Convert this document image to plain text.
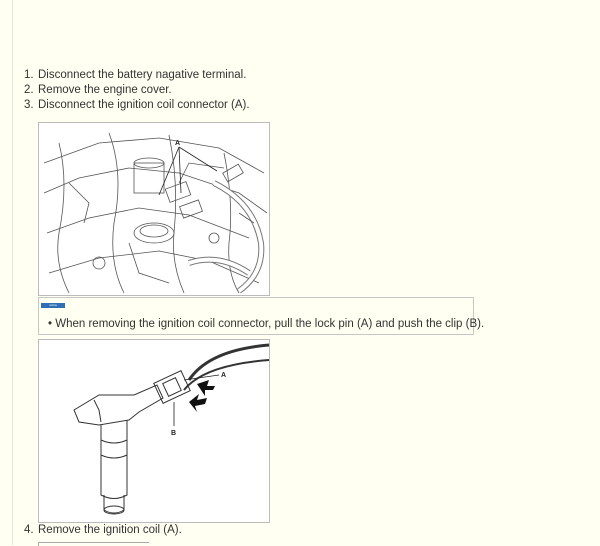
1. Disconnect the battery nagative terminal.
2. Remove the engine cover.
3. Disconnect the ignition coil connector (A).
A
notice
• When removing the ignition coil connector, pull the lock pin (A) and push the clip (B).
A
B
4. Remove the ignition coil (A).
